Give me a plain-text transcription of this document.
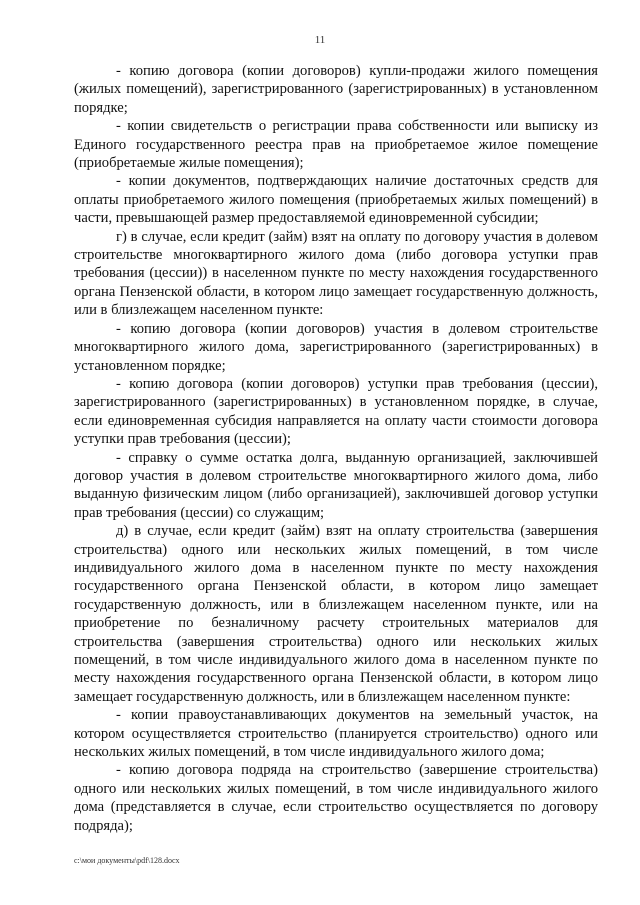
11

- копию договора (копии договоров) купли-продажи жилого помещения (жилых помещений), зарегистрированного (зарегистрированных) в установленном порядке;

- копии свидетельств о регистрации права собственности или выписку из Единого государственного реестра прав на приобретаемое жилое помещение (приобретаемые жилые помещения);

- копии документов, подтверждающих наличие достаточных средств для оплаты приобретаемого жилого помещения (приобретаемых жилых помещений) в части, превышающей размер предоставляемой единовременной субсидии;

г) в случае, если кредит (займ) взят на оплату по договору участия в долевом строительстве многоквартирного жилого дома (либо договора уступки прав требования (цессии)) в населенном пункте по месту нахождения государственного органа Пензенской области, в котором лицо замещает государственную должность, или в близлежащем населенном пункте:

- копию договора (копии договоров) участия в долевом строительстве многоквартирного жилого дома, зарегистрированного (зарегистрированных) в установленном порядке;

- копию договора (копии договоров) уступки прав требования (цессии), зарегистрированного (зарегистрированных) в установленном порядке, в случае, если единовременная субсидия направляется на оплату части стоимости договора уступки прав требования (цессии);

- справку о сумме остатка долга, выданную организацией, заключившей договор участия в долевом строительстве многоквартирного жилого дома, либо выданную физическим лицом (либо организацией), заключившей договор уступки прав требования (цессии) со служащим;

д) в случае, если кредит (займ) взят на оплату строительства (завершения строительства) одного или нескольких жилых помещений, в том числе индивидуального жилого дома в населенном пункте по месту нахождения государственного органа Пензенской области, в котором лицо замещает государственную должность, или в близлежащем населенном пункте, или на приобретение по безналичному расчету строительных материалов для строительства (завершения строительства) одного или нескольких жилых помещений, в том числе индивидуального жилого дома в населенном пункте по месту нахождения государственного органа Пензенской области, в котором лицо замещает государственную должность, или в близлежащем населенном пункте:

- копии правоустанавливающих документов на земельный участок, на котором осуществляется строительство (планируется строительство) одного или нескольких жилых помещений, в том числе индивидуального жилого дома;

- копию договора подряда на строительство (завершение строительства) одного или нескольких жилых помещений, в том числе индивидуального жилого дома (представляется в случае, если строительство осуществляется по договору подряда);

c:\мои документы\pdf\128.docx
